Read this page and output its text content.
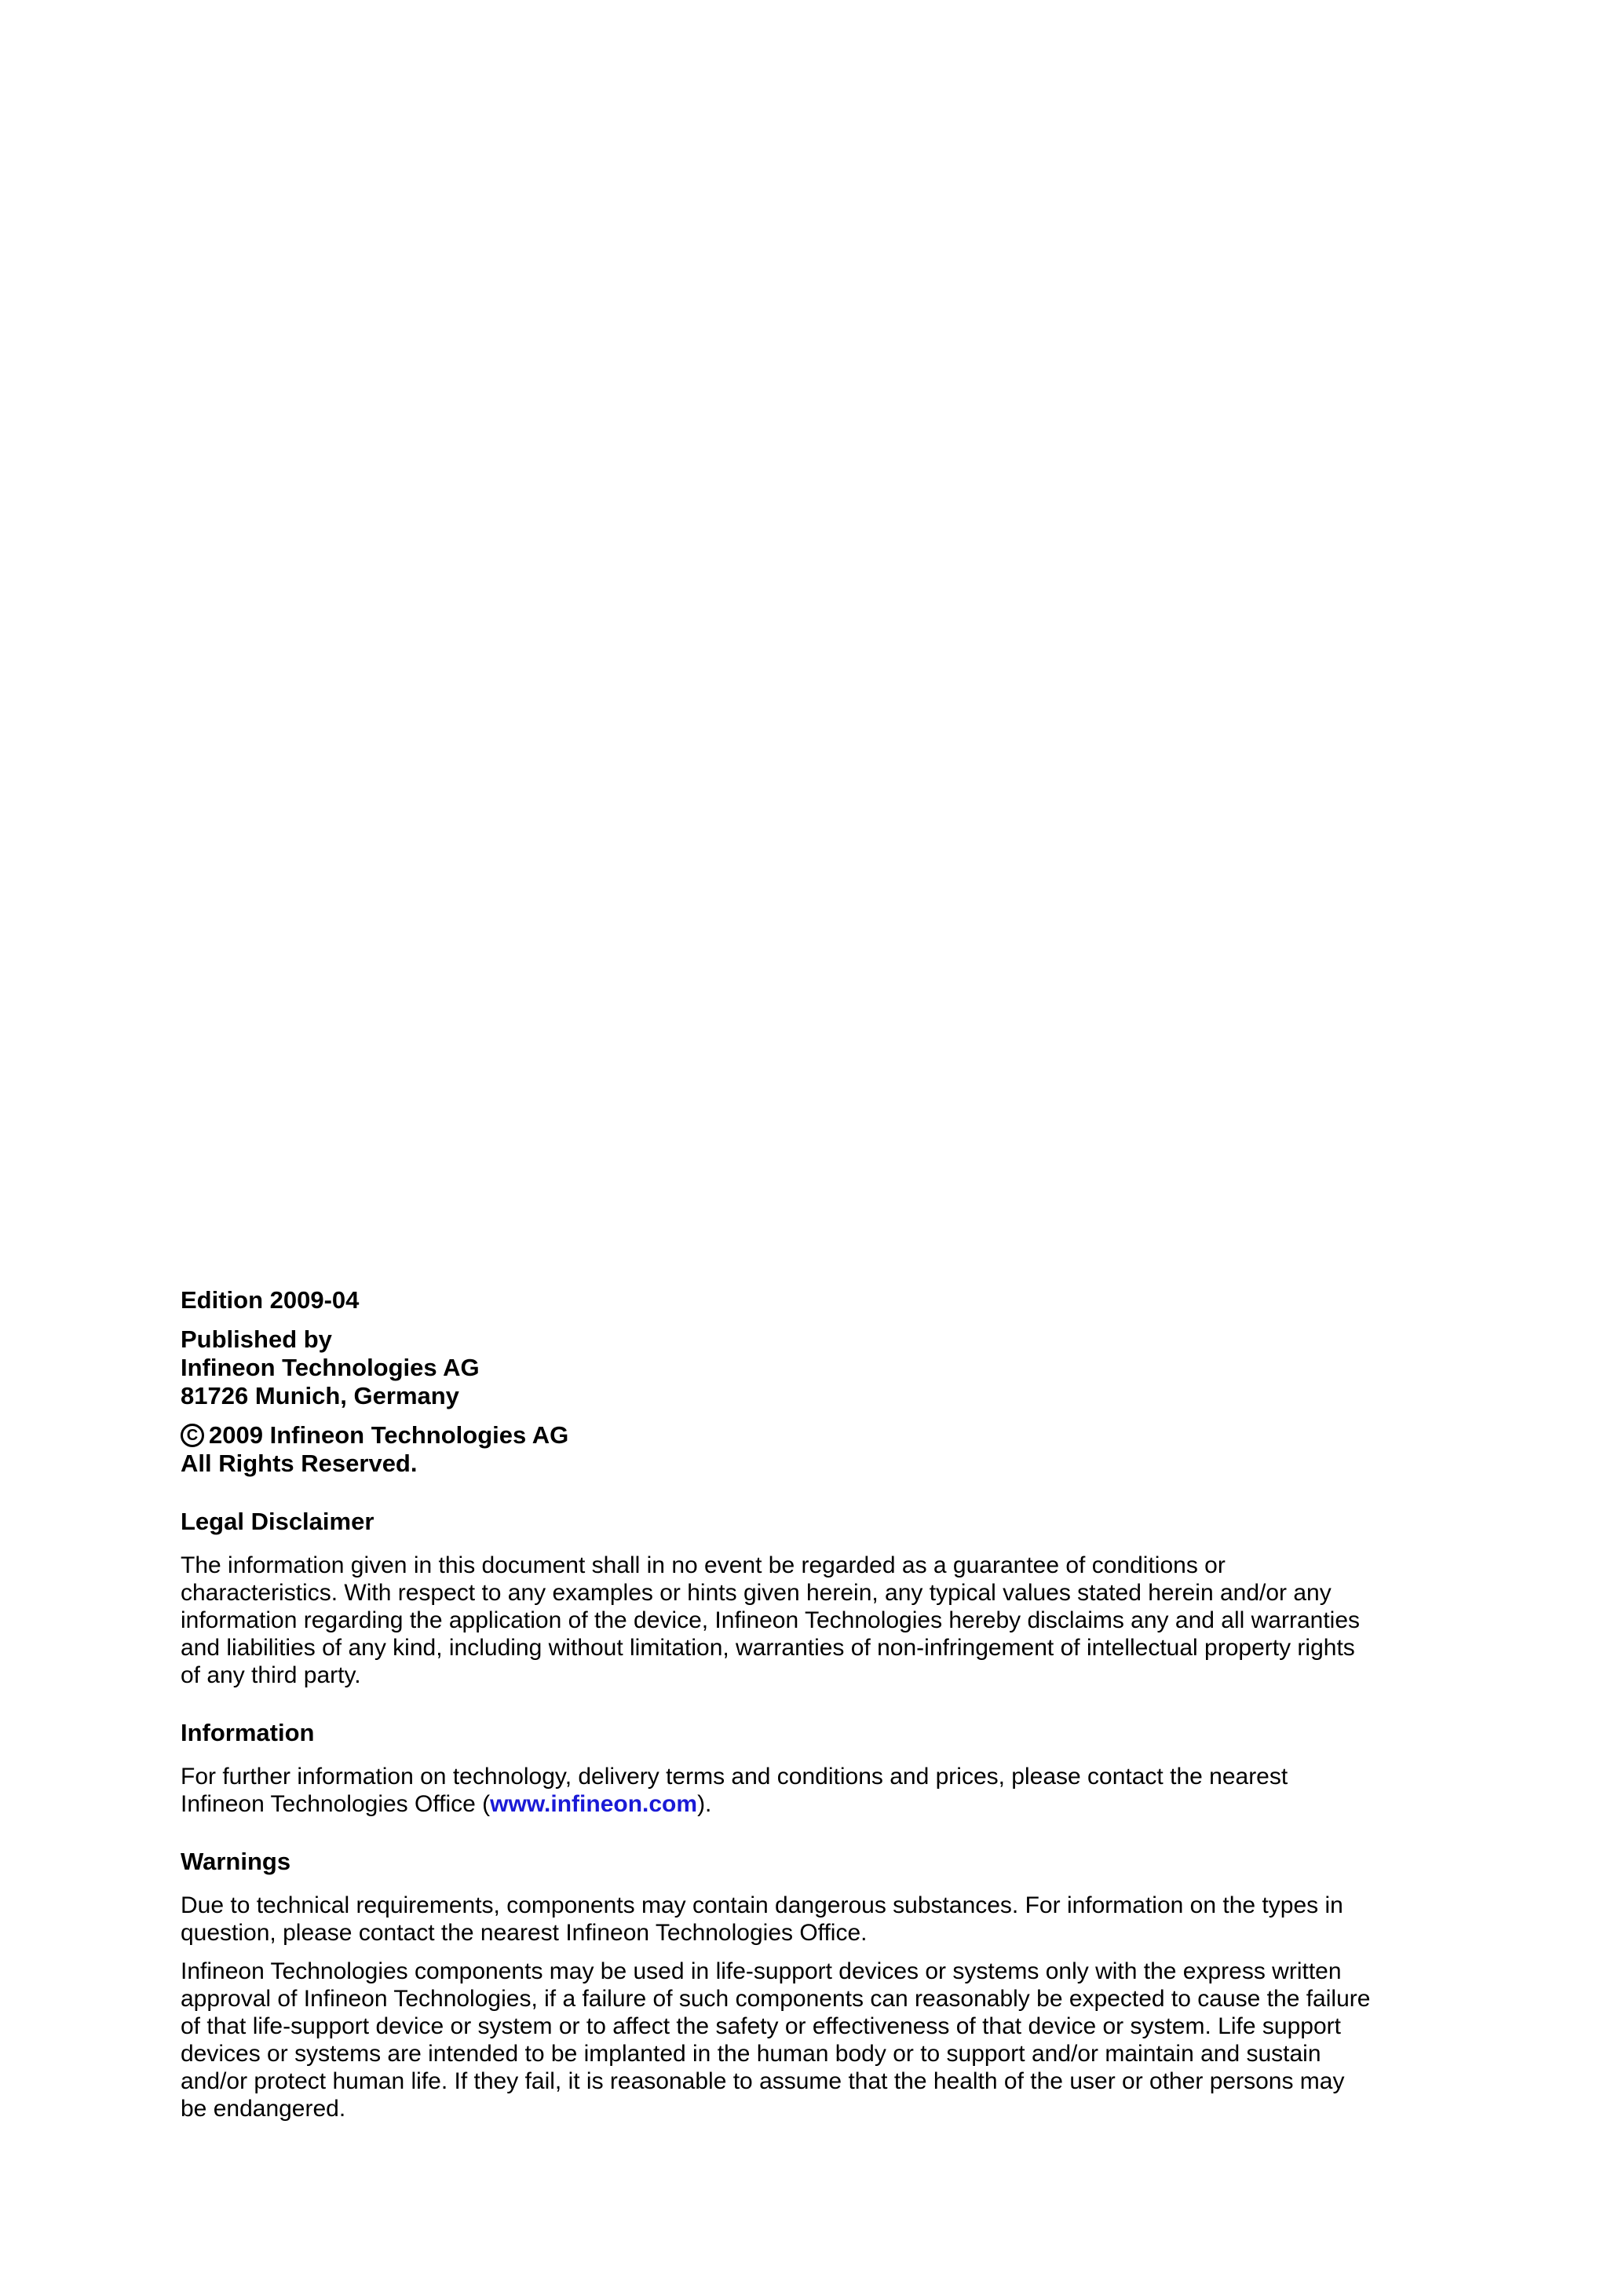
Edition 2009-04

Published by

Infineon Technologies AG

81726 Munich, Germany

C 2009 Infineon Technologies AG

All Rights Reserved.

Legal Disclaimer

The information given in this document shall in no event be regarded as a guarantee of conditions or

characteristics. With respect to any examples or hints given herein, any typical values stated herein and/or any

information regarding the application of the device, Infineon Technologies hereby disclaims any and all warranties

and liabilities of any kind, including without limitation, warranties of non-infringement of intellectual property rights

of any third party.

Information

For further information on technology, delivery terms and conditions and prices, please contact the nearest

Infineon Technologies Office (www.infineon.com).

Warnings

Due to technical requirements, components may contain dangerous substances. For information on the types in

question, please contact the nearest Infineon Technologies Office.

Infineon Technologies components may be used in life-support devices or systems only with the express written

approval of Infineon Technologies, if a failure of such components can reasonably be expected to cause the failure

of that life-support device or system or to affect the safety or effectiveness of that device or system. Life support

devices or systems are intended to be implanted in the human body or to support and/or maintain and sustain

and/or protect human life. If they fail, it is reasonable to assume that the health of the user or other persons may

be endangered.
